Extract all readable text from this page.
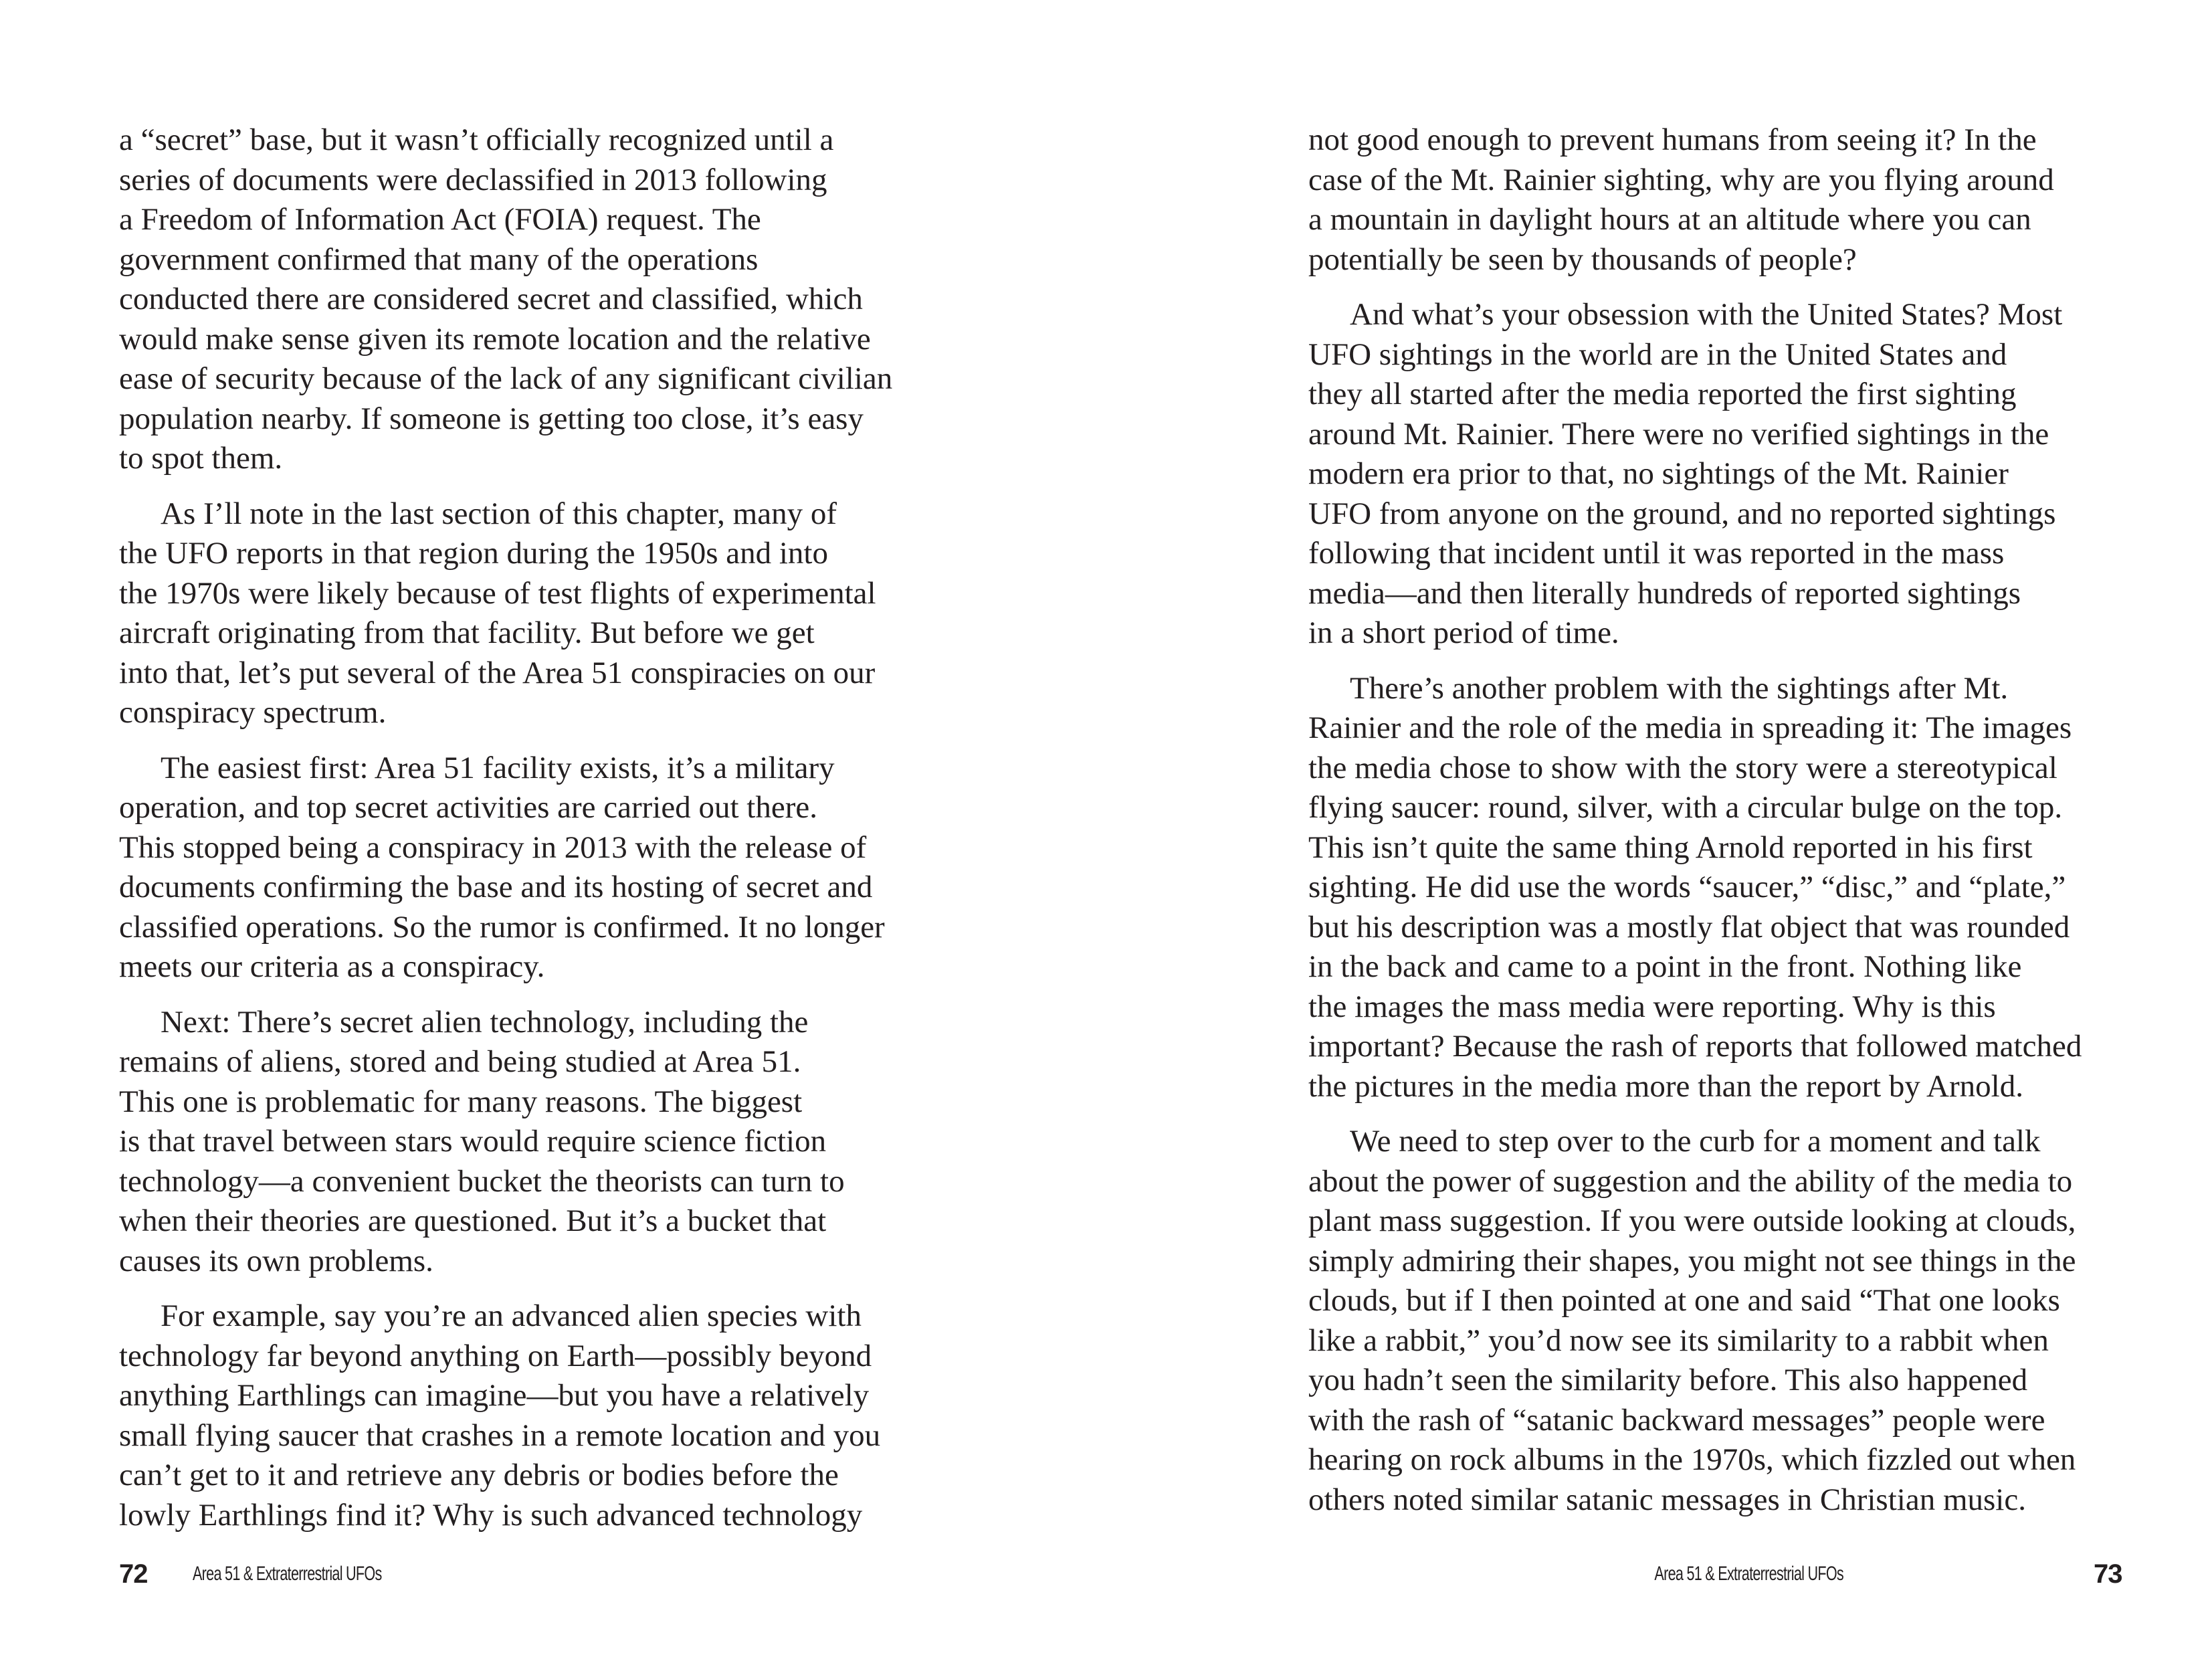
a “secret” base, but it wasn’t officially recognized until a
series of documents were declassified in 2013 following
a Freedom of Information Act (FOIA) request. The
government confirmed that many of the operations
conducted there are considered secret and classified, which
would make sense given its remote location and the relative
ease of security because of the lack of any significant civilian
population nearby. If someone is getting too close, it’s easy
to spot them.

As I’ll note in the last section of this chapter, many of
the UFO reports in that region during the 1950s and into
the 1970s were likely because of test flights of experimental
aircraft originating from that facility. But before we get
into that, let’s put several of the Area 51 conspiracies on our
conspiracy spectrum.

The easiest first: Area 51 facility exists, it’s a military
operation, and top secret activities are carried out there.
This stopped being a conspiracy in 2013 with the release of
documents confirming the base and its hosting of secret and
classified operations. So the rumor is confirmed. It no longer
meets our criteria as a conspiracy.

Next: There’s secret alien technology, including the
remains of aliens, stored and being studied at Area 51.
This one is problematic for many reasons. The biggest
is that travel between stars would require science fiction
technology—a convenient bucket the theorists can turn to
when their theories are questioned. But it’s a bucket that
causes its own problems.

For example, say you’re an advanced alien species with
technology far beyond anything on Earth—possibly beyond
anything Earthlings can imagine—but you have a relatively
small flying saucer that crashes in a remote location and you
can’t get to it and retrieve any debris or bodies before the
lowly Earthlings find it? Why is such advanced technology

72 Area 51 & Extraterrestrial UFOs

not good enough to prevent humans from seeing it? In the
case of the Mt. Rainier sighting, why are you flying around
a mountain in daylight hours at an altitude where you can
potentially be seen by thousands of people?

And what’s your obsession with the United States? Most
UFO sightings in the world are in the United States and
they all started after the media reported the first sighting
around Mt. Rainier. There were no verified sightings in the
modern era prior to that, no sightings of the Mt. Rainier
UFO from anyone on the ground, and no reported sightings
following that incident until it was reported in the mass
media—and then literally hundreds of reported sightings
in a short period of time.

There’s another problem with the sightings after Mt.
Rainier and the role of the media in spreading it: The images
the media chose to show with the story were a stereotypical
flying saucer: round, silver, with a circular bulge on the top.
This isn’t quite the same thing Arnold reported in his first
sighting. He did use the words “saucer,” “disc,” and “plate,”
but his description was a mostly flat object that was rounded
in the back and came to a point in the front. Nothing like
the images the mass media were reporting. Why is this
important? Because the rash of reports that followed matched
the pictures in the media more than the report by Arnold.

We need to step over to the curb for a moment and talk
about the power of suggestion and the ability of the media to
plant mass suggestion. If you were outside looking at clouds,
simply admiring their shapes, you might not see things in the
clouds, but if I then pointed at one and said “That one looks
like a rabbit,” you’d now see its similarity to a rabbit when
you hadn’t seen the similarity before. This also happened
with the rash of “satanic backward messages” people were
hearing on rock albums in the 1970s, which fizzled out when
others noted similar satanic messages in Christian music.

Area 51 & Extraterrestrial UFOs	73
